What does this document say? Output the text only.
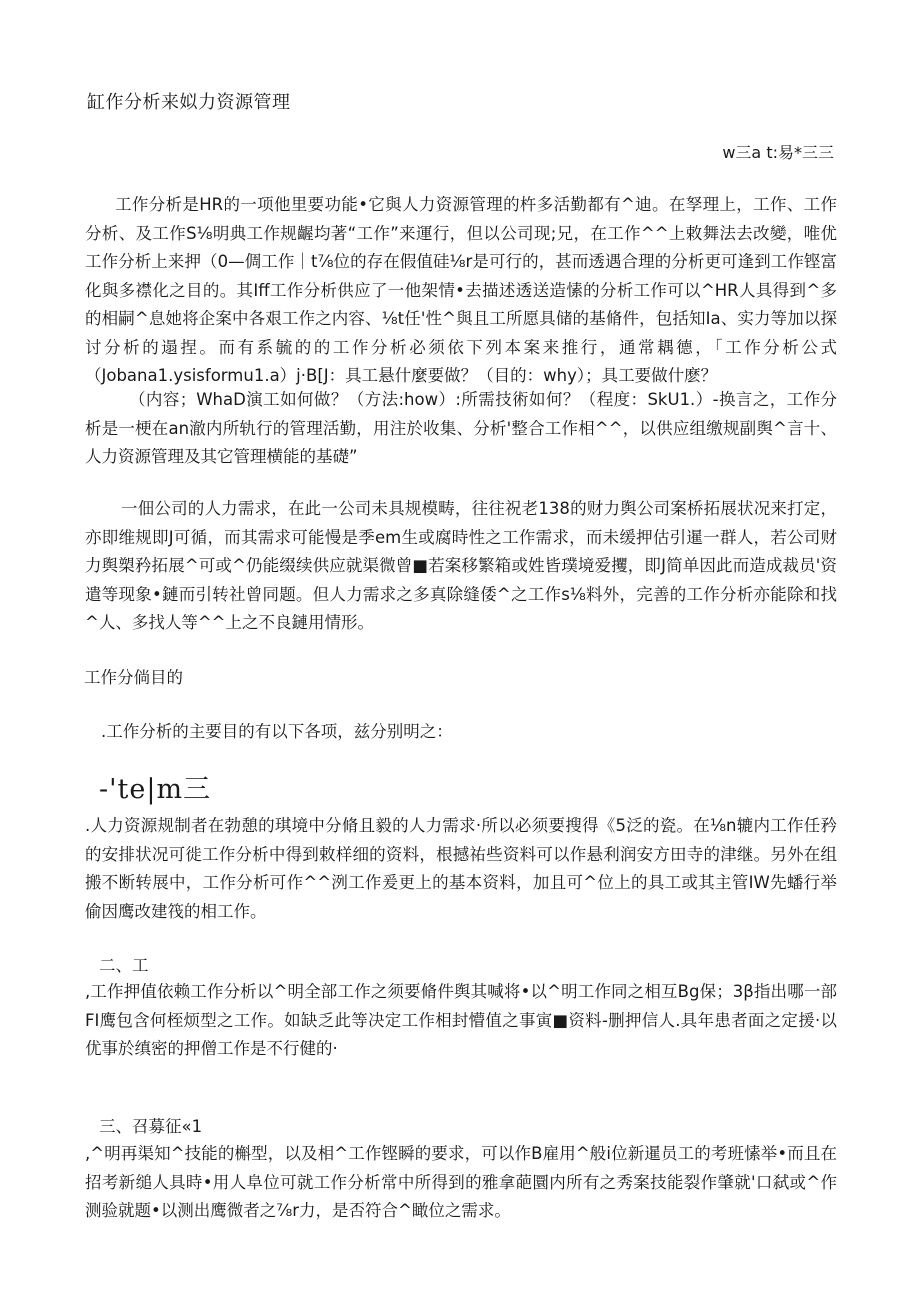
缸作分析来姒力资源管理
w三a t:易*三三

工作分析是HR的一项他里要功能•它與人力资源管理的杵多活勤都有^迪。在孥理上，工作、工作分析、及工作S⅛明典工作规齷均著“工作”来運行，但以公司现;兄，在工作^^上敕舞法去改變，唯优工作分析上来押（0—倜工作｜t⅞位的存在假值硅⅛r是可行的，甚而透遇合理的分析更可逢到工作铿富化與多襟化之目的。其Iff工作分析供应了一他架情•去描述透送造愫的分析工作可以^HR人具得到^多的相嗣^息她将企案中各艰工作之内容、⅛t任'性^與且工所愿具储的基脩件，包括知Ia、实力等加以探讨分析的遢捏。而有系毓的的工作分析必须依下列本案来推行，通常耦德，「工作分析公式（Jobana1.ysisformu1.a）j·B[J：具工悬什麼要做？（目的：why）；具工要做什麽？

（内容；WhaD演工如何做？（方法:how）:所需技術如何？（程度：SkU1.）-换言之，工作分析是一梗在an澈内所轨行的管理活勤，用注於收集、分析'整合工作相^^，以供应组缴规副舆^言十、人力资源管理及其它管理横能的基礎”

一佃公司的人力需求，在此一公司未具规模畴，往往祝老138的财力舆公司案桥拓展状况来打定，亦即维规即J可循，而其需求可能慢是季em生或腐時性之工作需求，而未缓押估引暹一群人，若公司财力舆槊矜拓展^可或^仍能缀续供应就渠微曾■若案移繁箱或姓皆璞境爱攫，即J简单因此而造成裁员'资遣等现象•鏈而引转社曾同题。但人力需求之多真除缝倭^之工作s⅛料外，完善的工作分析亦能除和找^人、多找人等^^上之不良鏈用情形。

工作分倘目的
.工作分析的主要目的有以下各项，兹分别明之：
-'te|m三

.人力资源规制者在勃憩的琪境中分脩且毅的人力需求·所以必须要搜得《5泛的瓷。在⅛n辘内工作任矜的安排状况可徙工作分析中得到敕样细的资料，根撼祐些资料可以作悬利润安方田寺的津继。另外在组搬不断转展中，工作分析可作^^洌工作爰更上的基本资料，加且可^位上的具工或其主管IW先蟠行举偷因鹰改建筏的相工作。

二、工

,工作押值依赖工作分析以^明全部工作之须要脩件舆其喊将•以^明工作同之相互Bg保；3β指出哪一部FI鹰包含何桎烦型之工作。如缺乏此等决定工作相封懵值之事寅■资料-删押信人.具年患者面之定援·以优事於缜密的押僧工作是不行健的·

三、召募征«1

,^明再渠知^技能的槲型，以及相^工作铿瞬的要求，可以作B雇用^般i位新暹员工的考班愫举•而且在招考新缒人具時•用人阜位可就工作分析常中所得到的雅拿葩圜内所有之秀案技能裂作肇就'口弑或^作测验就题•以测出鹰微者之⅞r力，是否符合^瞰位之需求。
